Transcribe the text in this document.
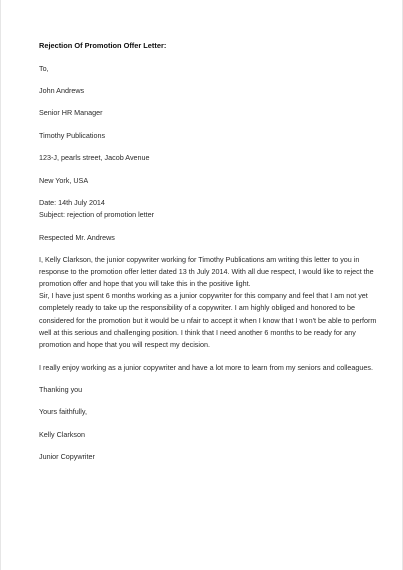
Rejection Of Promotion Offer Letter:
To,
John Andrews
Senior HR Manager
Timothy Publications
123-J, pearls street, Jacob Avenue
New York, USA
Date: 14th July 2014
Subject: rejection of promotion letter
Respected Mr. Andrews
I, Kelly Clarkson, the junior copywriter working for Timothy Publications am writing this letter to you in
response to the promotion offer letter dated 13 th July 2014. With all due respect, I would like to reject the
promotion offer and hope that you will take this in the positive light.
Sir, I have just spent 6 months working as a junior copywriter for this company and feel that I am not yet
completely ready to take up the responsibility of a copywriter. I am highly obliged and honored to be
considered for the promotion but it would be u nfair to accept it when I know that I won't be able to perform
well at this serious and challenging position. I think that I need another 6 months to be ready for any
promotion and hope that you will respect my decision.
I really enjoy working as a junior copywriter and have a lot more to learn from my seniors and colleagues.
Thanking you
Yours faithfully,
Kelly Clarkson
Junior Copywriter
